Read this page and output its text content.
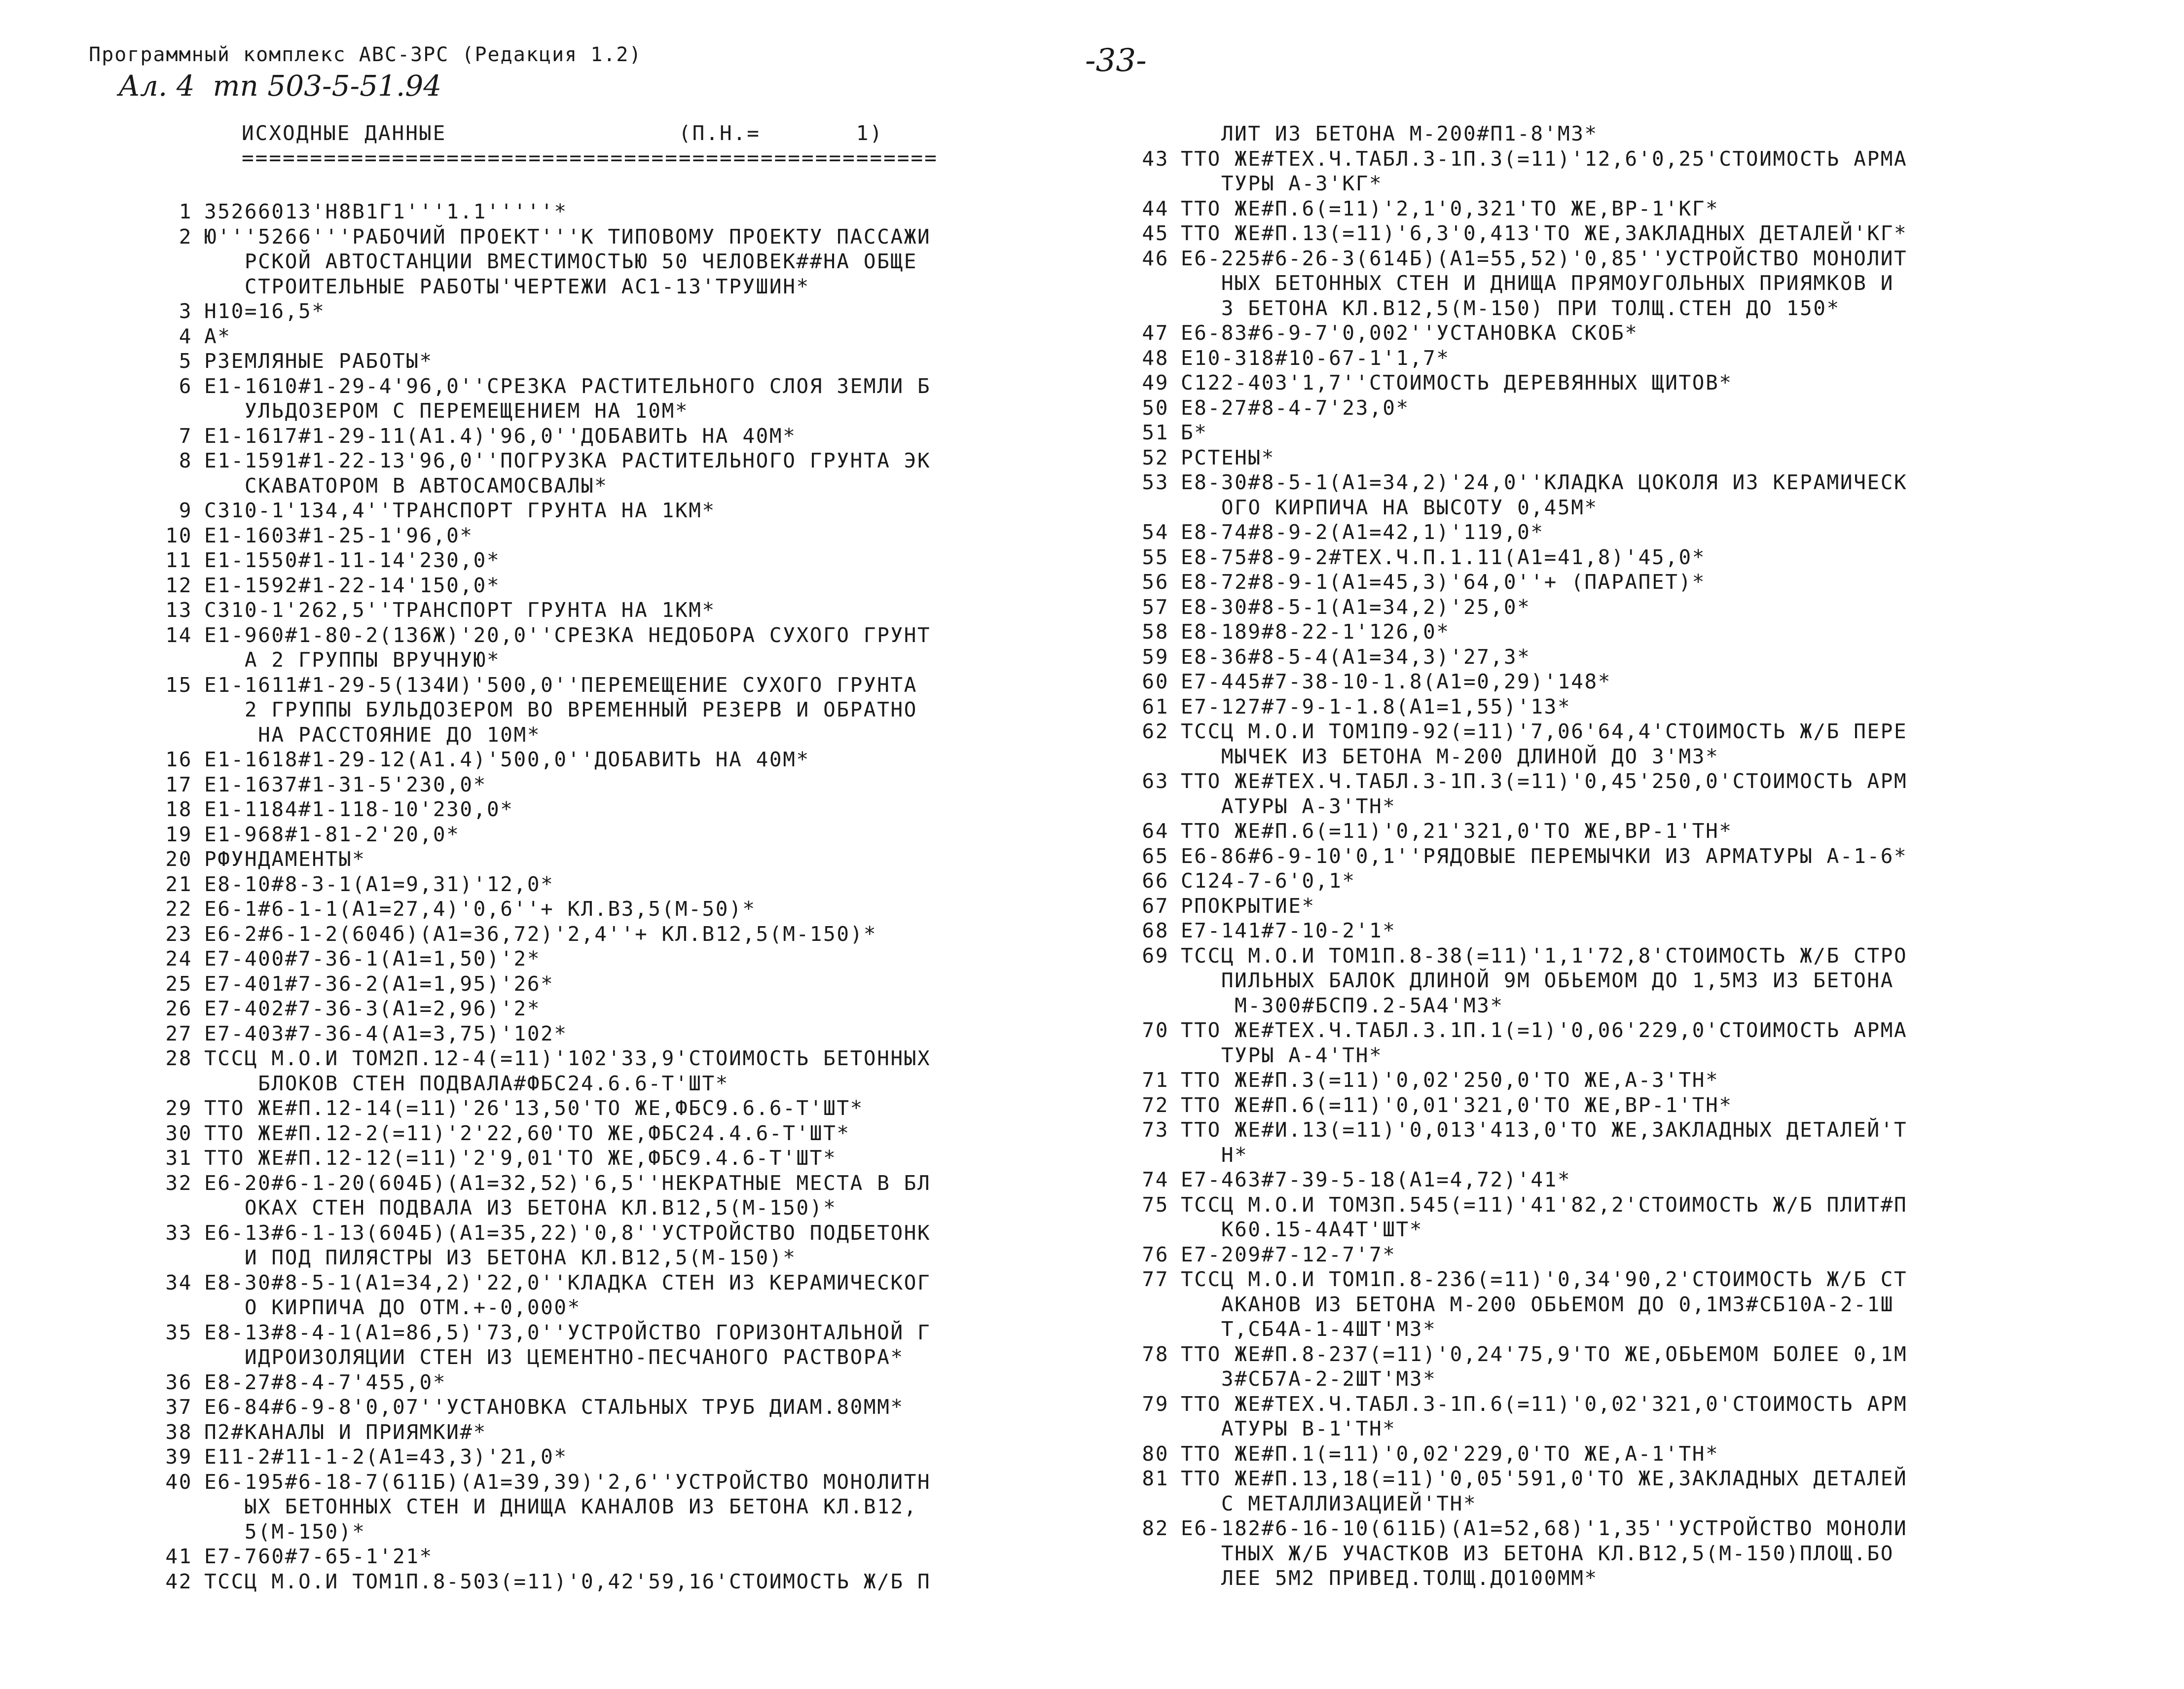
Программный комплекс АВС-3РС (Редакция 1.2)
Ал. 4  тп 503-5-51.94
-33-
ИСХОДНЫЕ ДАННЫЕ                 (П.Н.=       1)
===================================================
1 35266013'Н8В1Г1'''1.1'''''*
2 Ю'''5266'''РАБОЧИЙ ПРОЕКТ'''К ТИПОВОМУ ПРОЕКТУ ПАССАЖИ
РСКОЙ АВТОСТАНЦИИ ВМЕСТИМОСТЬЮ 50 ЧЕЛОВЕК##НА ОБЩЕ
СТРОИТЕЛЬНЫЕ РАБОТЫ'ЧЕРТЕЖИ АС1-13'ТРУШИН*
3 Н10=16,5*
4 А*
5 РЗЕМЛЯНЫЕ РАБОТЫ*
6 Е1-1610#1-29-4'96,0''СРЕЗКА РАСТИТЕЛЬНОГО СЛОЯ ЗЕМЛИ Б
УЛЬДОЗЕРОМ С ПЕРЕМЕЩЕНИЕМ НА 10М*
7 Е1-1617#1-29-11(А1.4)'96,0''ДОБАВИТЬ НА 40М*
8 Е1-1591#1-22-13'96,0''ПОГРУЗКА РАСТИТЕЛЬНОГО ГРУНТА ЭК
СКАВАТОРОМ В АВТОСАМОСВАЛЫ*
9 С310-1'134,4''ТРАНСПОРТ ГРУНТА НА 1КМ*
10 Е1-1603#1-25-1'96,0*
11 Е1-1550#1-11-14'230,0*
12 Е1-1592#1-22-14'150,0*
13 С310-1'262,5''ТРАНСПОРТ ГРУНТА НА 1КМ*
14 Е1-960#1-80-2(136Ж)'20,0''СРЕЗКА НЕДОБОРА СУХОГО ГРУНТ
А 2 ГРУППЫ ВРУЧНУЮ*
15 Е1-1611#1-29-5(134И)'500,0''ПЕРЕМЕЩЕНИЕ СУХОГО ГРУНТА
2 ГРУППЫ БУЛЬДОЗЕРОМ ВО ВРЕМЕННЫЙ РЕЗЕРВ И ОБРАТНО
НА РАССТОЯНИЕ ДО 10М*
16 Е1-1618#1-29-12(А1.4)'500,0''ДОБАВИТЬ НА 40М*
17 Е1-1637#1-31-5'230,0*
18 Е1-1184#1-118-10'230,0*
19 Е1-968#1-81-2'20,0*
20 РФУНДАМЕНТЫ*
21 Е8-10#8-3-1(А1=9,31)'12,0*
22 Е6-1#6-1-1(А1=27,4)'0,6''+ КЛ.В3,5(М-50)*
23 Е6-2#6-1-2(604б)(А1=36,72)'2,4''+ КЛ.В12,5(М-150)*
24 Е7-400#7-36-1(А1=1,50)'2*
25 Е7-401#7-36-2(А1=1,95)'26*
26 Е7-402#7-36-3(А1=2,96)'2*
27 Е7-403#7-36-4(А1=3,75)'102*
28 ТССЦ М.О.И ТОМ2П.12-4(=11)'102'33,9'СТОИМОСТЬ БЕТОННЫХ
БЛОКОВ СТЕН ПОДВАЛА#ФБС24.6.6-Т'ШТ*
29 ТТО ЖЕ#П.12-14(=11)'26'13,50'ТО ЖЕ,ФБС9.6.6-Т'ШТ*
30 ТТО ЖЕ#П.12-2(=11)'2'22,60'ТО ЖЕ,ФБС24.4.6-Т'ШТ*
31 ТТО ЖЕ#П.12-12(=11)'2'9,01'ТО ЖЕ,ФБС9.4.6-Т'ШТ*
32 Е6-20#6-1-20(604Б)(А1=32,52)'6,5''НЕКРАТНЫЕ МЕСТА В БЛ
ОКАХ СТЕН ПОДВАЛА ИЗ БЕТОНА КЛ.В12,5(М-150)*
33 Е6-13#6-1-13(604Б)(А1=35,22)'0,8''УСТРОЙСТВО ПОДБЕТОНК
И ПОД ПИЛЯСТРЫ ИЗ БЕТОНА КЛ.В12,5(М-150)*
34 Е8-30#8-5-1(А1=34,2)'22,0''КЛАДКА СТЕН ИЗ КЕРАМИЧЕСКОГ
О КИРПИЧА ДО ОТМ.+-0,000*
35 Е8-13#8-4-1(А1=86,5)'73,0''УСТРОЙСТВО ГОРИЗОНТАЛЬНОЙ Г
ИДРОИЗОЛЯЦИИ СТЕН ИЗ ЦЕМЕНТНО-ПЕСЧАНОГО РАСТВОРА*
36 Е8-27#8-4-7'455,0*
37 Е6-84#6-9-8'0,07''УСТАНОВКА СТАЛЬНЫХ ТРУБ ДИАМ.80ММ*
38 П2#КАНАЛЫ И ПРИЯМКИ#*
39 Е11-2#11-1-2(А1=43,3)'21,0*
40 Е6-195#6-18-7(611Б)(А1=39,39)'2,6''УСТРОЙСТВО МОНОЛИТН
ЫХ БЕТОННЫХ СТЕН И ДНИЩА КАНАЛОВ ИЗ БЕТОНА КЛ.В12,
5(М-150)*
41 Е7-760#7-65-1'21*
42 ТССЦ М.О.И ТОМ1П.8-503(=11)'0,42'59,16'СТОИМОСТЬ Ж/Б П
ЛИТ ИЗ БЕТОНА М-200#П1-8'М3*
43 ТТО ЖЕ#ТЕХ.Ч.ТАБЛ.3-1П.3(=11)'12,6'0,25'СТОИМОСТЬ АРМА
ТУРЫ А-3'КГ*
44 ТТО ЖЕ#П.6(=11)'2,1'0,321'ТО ЖЕ,ВР-1'КГ*
45 ТТО ЖЕ#П.13(=11)'6,3'0,413'ТО ЖЕ,ЗАКЛАДНЫХ ДЕТАЛЕЙ'КГ*
46 Е6-225#6-26-3(614Б)(А1=55,52)'0,85''УСТРОЙСТВО МОНОЛИТ
НЫХ БЕТОННЫХ СТЕН И ДНИЩА ПРЯМОУГОЛЬНЫХ ПРИЯМКОВ И
З БЕТОНА КЛ.В12,5(М-150) ПРИ ТОЛЩ.СТЕН ДО 150*
47 Е6-83#6-9-7'0,002''УСТАНОВКА СКОБ*
48 Е10-318#10-67-1'1,7*
49 С122-403'1,7''СТОИМОСТЬ ДЕРЕВЯННЫХ ЩИТОВ*
50 Е8-27#8-4-7'23,0*
51 Б*
52 РСТЕНЫ*
53 Е8-30#8-5-1(А1=34,2)'24,0''КЛАДКА ЦОКОЛЯ ИЗ КЕРАМИЧЕСК
ОГО КИРПИЧА НА ВЫСОТУ 0,45М*
54 Е8-74#8-9-2(А1=42,1)'119,0*
55 Е8-75#8-9-2#ТЕХ.Ч.П.1.11(А1=41,8)'45,0*
56 Е8-72#8-9-1(А1=45,3)'64,0''+ (ПАРАПЕТ)*
57 Е8-30#8-5-1(А1=34,2)'25,0*
58 Е8-189#8-22-1'126,0*
59 Е8-36#8-5-4(А1=34,3)'27,3*
60 Е7-445#7-38-10-1.8(А1=0,29)'148*
61 Е7-127#7-9-1-1.8(А1=1,55)'13*
62 ТССЦ М.О.И ТОМ1П9-92(=11)'7,06'64,4'СТОИМОСТЬ Ж/Б ПЕРЕ
МЫЧЕК ИЗ БЕТОНА М-200 ДЛИНОЙ ДО 3'М3*
63 ТТО ЖЕ#ТЕХ.Ч.ТАБЛ.3-1П.3(=11)'0,45'250,0'СТОИМОСТЬ АРМ
АТУРЫ А-3'ТН*
64 ТТО ЖЕ#П.6(=11)'0,21'321,0'ТО ЖЕ,ВР-1'ТН*
65 Е6-86#6-9-10'0,1''РЯДОВЫЕ ПЕРЕМЫЧКИ ИЗ АРМАТУРЫ А-1-6*
66 С124-7-6'0,1*
67 РПОКРЫТИЕ*
68 Е7-141#7-10-2'1*
69 ТССЦ М.О.И ТОМ1П.8-38(=11)'1,1'72,8'СТОИМОСТЬ Ж/Б СТРО
ПИЛЬНЫХ БАЛОК ДЛИНОЙ 9М ОБЬЕМОМ ДО 1,5М3 ИЗ БЕТОНА
М-300#БСП9.2-5А4'М3*
70 ТТО ЖЕ#ТЕХ.Ч.ТАБЛ.3.1П.1(=1)'0,06'229,0'СТОИМОСТЬ АРМА
ТУРЫ А-4'ТН*
71 ТТО ЖЕ#П.3(=11)'0,02'250,0'ТО ЖЕ,А-3'ТН*
72 ТТО ЖЕ#П.6(=11)'0,01'321,0'ТО ЖЕ,ВР-1'ТН*
73 ТТО ЖЕ#И.13(=11)'0,013'413,0'ТО ЖЕ,ЗАКЛАДНЫХ ДЕТАЛЕЙ'Т
Н*
74 Е7-463#7-39-5-18(А1=4,72)'41*
75 ТССЦ М.О.И ТОМ3П.545(=11)'41'82,2'СТОИМОСТЬ Ж/Б ПЛИТ#П
К60.15-4А4Т'ШТ*
76 Е7-209#7-12-7'7*
77 ТССЦ М.О.И ТОМ1П.8-236(=11)'0,34'90,2'СТОИМОСТЬ Ж/Б СТ
АКАНОВ ИЗ БЕТОНА М-200 ОБЬЕМОМ ДО 0,1М3#СБ10А-2-1Ш
Т,СБ4А-1-4ШТ'М3*
78 ТТО ЖЕ#П.8-237(=11)'0,24'75,9'ТО ЖЕ,ОБЬЕМОМ БОЛЕЕ 0,1М
3#СБ7А-2-2ШТ'М3*
79 ТТО ЖЕ#ТЕХ.Ч.ТАБЛ.3-1П.6(=11)'0,02'321,0'СТОИМОСТЬ АРМ
АТУРЫ В-1'ТН*
80 ТТО ЖЕ#П.1(=11)'0,02'229,0'ТО ЖЕ,А-1'ТН*
81 ТТО ЖЕ#П.13,18(=11)'0,05'591,0'ТО ЖЕ,ЗАКЛАДНЫХ ДЕТАЛЕЙ
С МЕТАЛЛИЗАЦИЕЙ'ТН*
82 Е6-182#6-16-10(611Б)(А1=52,68)'1,35''УСТРОЙСТВО МОНОЛИ
ТНЫХ Ж/Б УЧАСТКОВ ИЗ БЕТОНА КЛ.В12,5(М-150)ПЛОЩ.БО
ЛЕЕ 5М2 ПРИВЕД.ТОЛЩ.ДО100ММ*
